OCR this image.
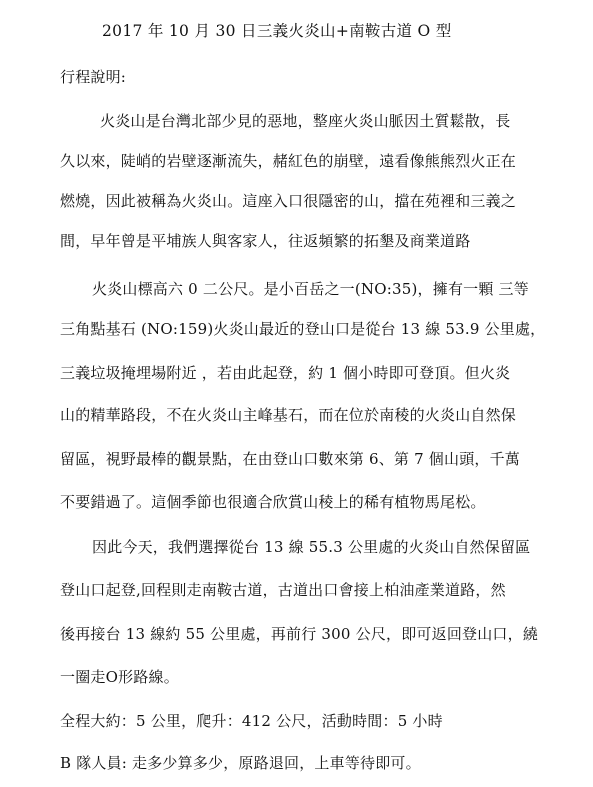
2017 年 10 月 30 日三義火炎山+南鞍古道 O 型
行程說明:
火炎山是台灣北部少見的惡地，整座火炎山脈因土質鬆散，長
久以來，陡峭的岩壁逐漸流失，赭紅色的崩壁，遠看像熊熊烈火正在
燃燒，因此被稱為火炎山。這座入口很隱密的山，擋在苑裡和三義之
間，早年曾是平埔族人與客家人，往返頻繁的拓墾及商業道路
火炎山標高六 0 二公尺。是小百岳之一(NO:35)，擁有一顆 三等
三角點基石 (NO:159)火炎山最近的登山口是從台 13 線 53.9 公里處，
三義垃圾掩埋場附近 ，若由此起登，約 1 個小時即可登頂。但火炎
山的精華路段，不在火炎山主峰基石，而在位於南稜的火炎山自然保
留區，視野最棒的觀景點，在由登山口數來第 6、第 7 個山頭，千萬
不要錯過了。這個季節也很適合欣賞山稜上的稀有植物馬尾松。
因此今天，我們選擇從台 13 線 55.3 公里處的火炎山自然保留區
登山口起登,回程則走南鞍古道，古道出口會接上柏油產業道路，然
後再接台 13 線約 55 公里處，再前行 300 公尺，即可返回登山口，繞
一圈走O形路線。
全程大約：5 公里，爬升：412 公尺，活動時間：5 小時
B 隊人員: 走多少算多少，原路退回，上車等待即可。
